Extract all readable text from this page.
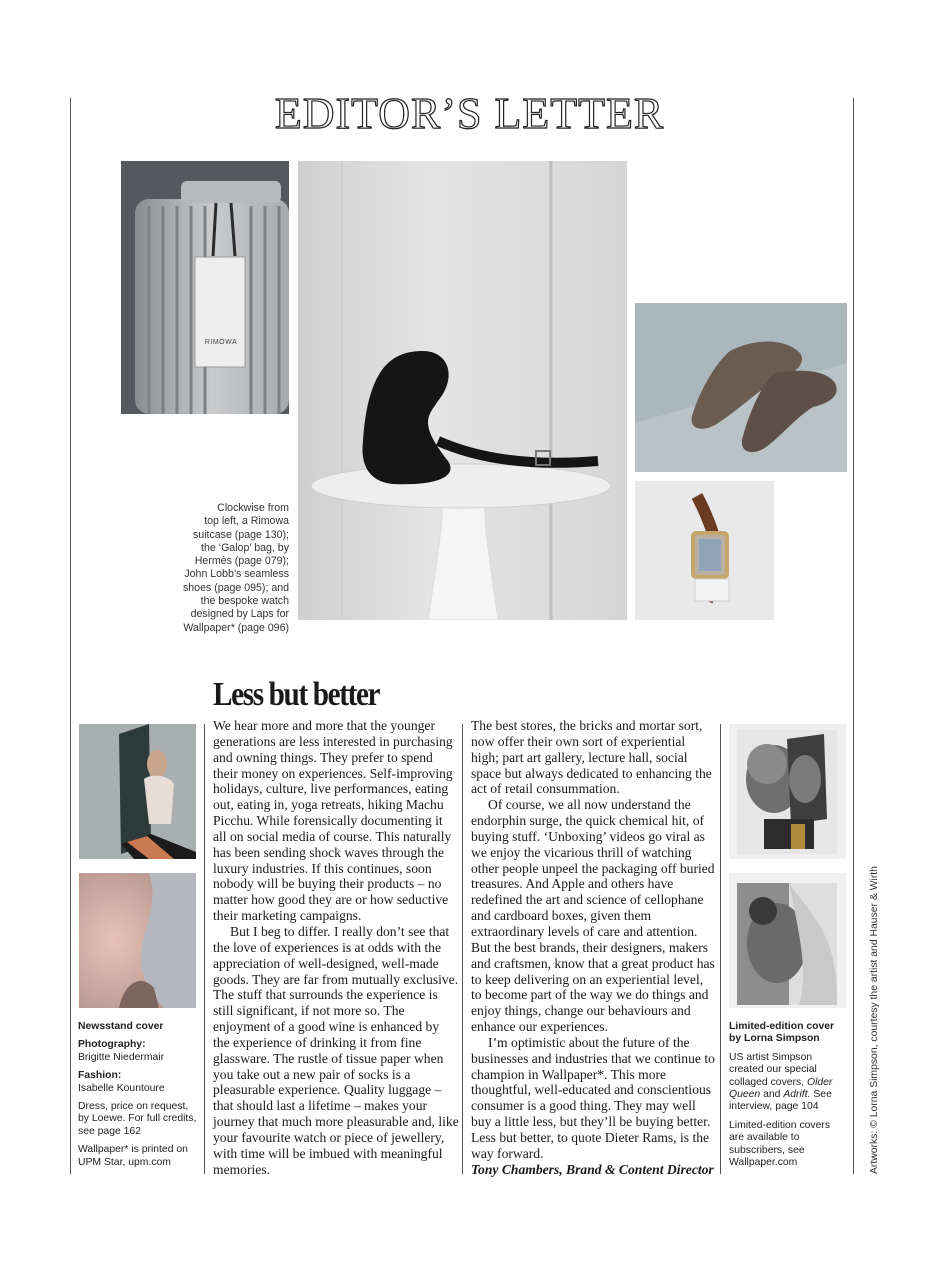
EDITOR’S LETTER
RIMOWA
Clockwise from
top left, a Rimowa
suitcase (page 130);
the ‘Galop’ bag, by
Hermès (page 079);
John Lobb’s seamless
shoes (page 095); and
the bespoke watch
designed by Laps for
Wallpaper* (page 096)
Less but better
Newsstand cover
Photography:
Brigitte Niedermair
Fashion:
Isabelle Kountoure
Dress, price on request, by Loewe. For full credits, see page 162
Wallpaper* is printed on UPM Star, upm.com

We hear more and more that the younger generations are less interested in purchasing and owning things. They prefer to spend their money on experiences. Self-improving holidays, culture, live performances, eating out, eating in, yoga retreats, hiking Machu Picchu. While forensically documenting it all on social media of course. This naturally has been sending shock waves through the luxury industries. If this continues, soon nobody will be buying their products – no matter how good they are or how seductive their marketing campaigns.

But I beg to differ. I really don’t see that the love of experiences is at odds with the appreciation of well-designed, well-made goods. They are far from mutually exclusive. The stuff that surrounds the experience is still significant, if not more so. The enjoyment of a good wine is enhanced by the experience of drinking it from fine glassware. The rustle of tissue paper when you take out a new pair of socks is a pleasurable experience. Quality luggage – that should last a lifetime – makes your journey that much more pleasurable and, like your favourite watch or piece of jewellery, with time will be imbued with meaningful memories.

The best stores, the bricks and mortar sort, now offer their own sort of experiential high; part art gallery, lecture hall, social space but always dedicated to enhancing the act of retail consummation.

Of course, we all now understand the endorphin surge, the quick chemical hit, of buying stuff. ‘Unboxing’ videos go viral as we enjoy the vicarious thrill of watching other people unpeel the packaging off buried treasures. And Apple and others have redefined the art and science of cellophane and cardboard boxes, given them extraordinary levels of care and attention. But the best brands, their designers, makers and craftsmen, know that a great product has to keep delivering on an experiential level, to become part of the way we do things and enjoy things, change our behaviours and enhance our experiences.

I’m optimistic about the future of the businesses and industries that we continue to champion in Wallpaper*. This more thoughtful, well-educated and conscientious consumer is a good thing. They may well buy a little less, but they’ll be buying better. Less but better, to quote Dieter Rams, is the way forward.

Tony Chambers, Brand & Content Director

Limited-edition cover by Lorna Simpson
US artist Simpson created our special collaged covers, Older Queen and Adrift. See interview, page 104
Limited-edition covers are available to subscribers, see Wallpaper.com	Artworks: © Lorna Simpson, courtesy the artist and Hauser & Wirth
